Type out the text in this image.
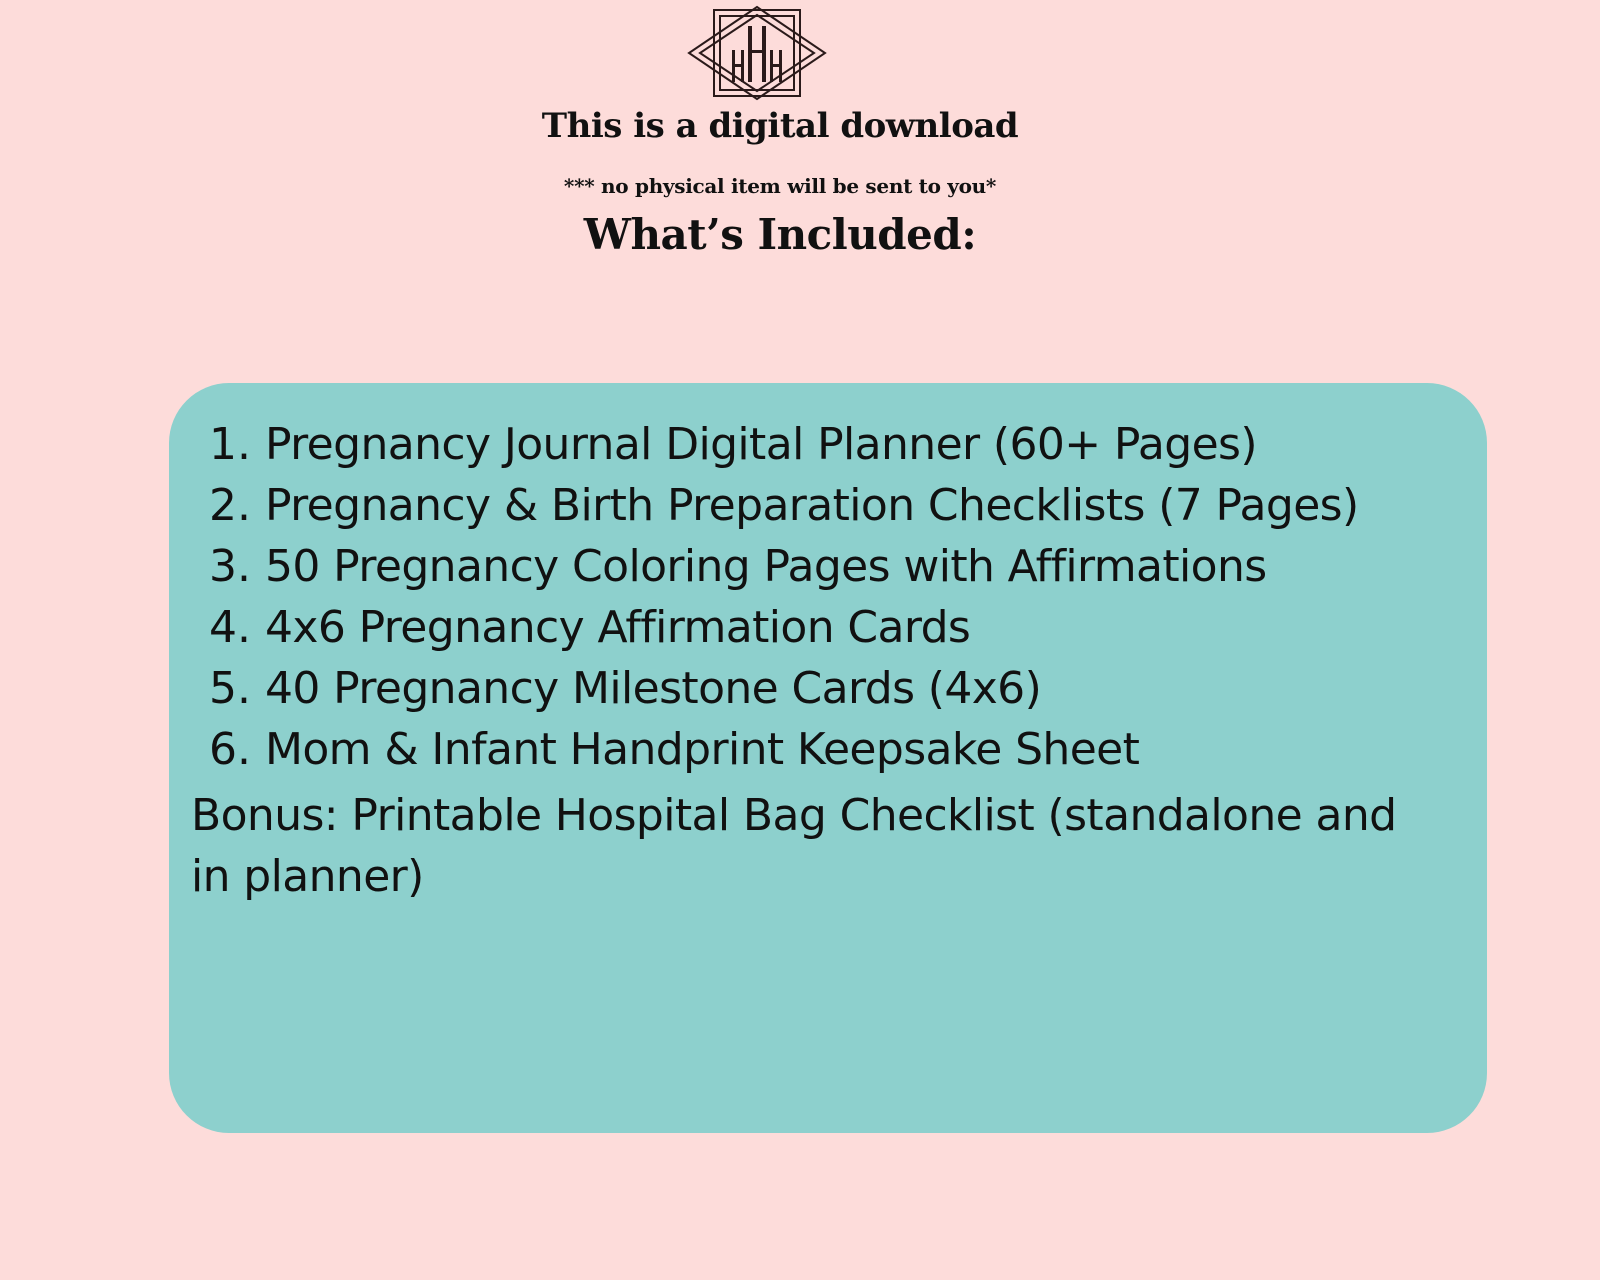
This is a digital download
*** no physical item will be sent to you*
What’s Included:
1. Pregnancy Journal Digital Planner (60+ Pages)
2. Pregnancy & Birth Preparation Checklists (7 Pages)
3. 50 Pregnancy Coloring Pages with Affirmations
4. 4x6 Pregnancy Affirmation Cards
5. 40 Pregnancy Milestone Cards (4x6)
6. Mom & Infant Handprint Keepsake Sheet
Bonus: Printable Hospital Bag Checklist (standalone and in planner)
